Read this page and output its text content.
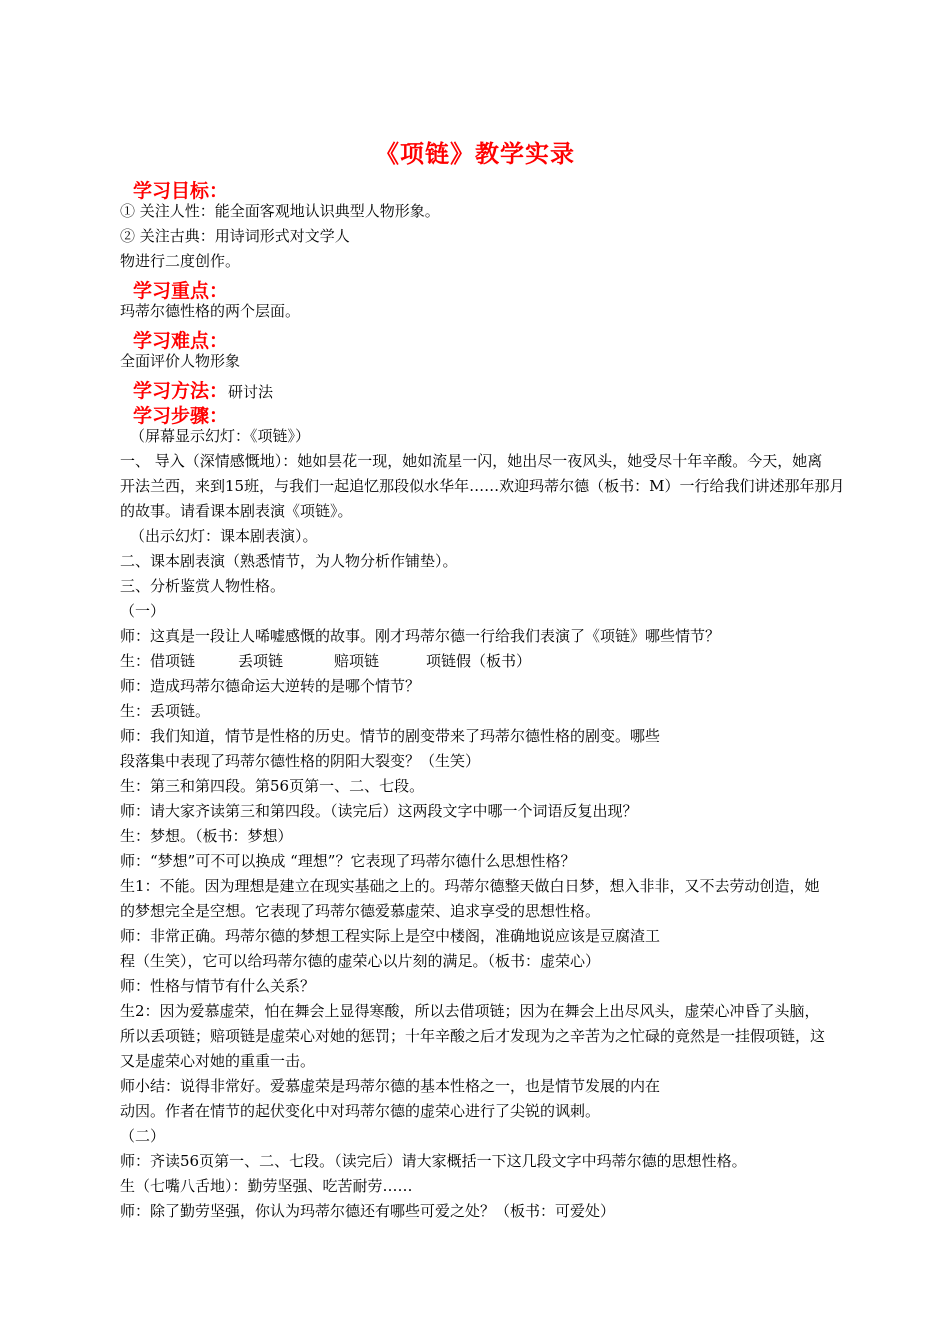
《项链》教学实录
学习目标：
① 关注人性：能全面客观地认识典型人物形象。
② 关注古典：用诗词形式对文学人
物进行二度创作。
学习重点：
玛蒂尔德性格的两个层面。
学习难点：
全面评价人物形象
学习方法：研讨法
学习步骤：
（屏幕显示幻灯：《项链》）
一、 导入（深情感慨地）：她如昙花一现，她如流星一闪，她出尽一夜风头，她受尽十年辛酸。今天，她离
开法兰西，来到15班，与我们一起追忆那段似水华年……欢迎玛蒂尔德（板书：M）一行给我们讲述那年那月
的故事。请看课本剧表演《项链》。
（出示幻灯：课本剧表演）。
二、课本剧表演（熟悉情节，为人物分析作铺垫）。
三、分析鉴赏人物性格。
（一）
师：这真是一段让人唏嘘感慨的故事。刚才玛蒂尔德一行给我们表演了《项链》哪些情节？
生：借项链	丢项链	赔项链	项链假（板书）
师：造成玛蒂尔德命运大逆转的是哪个情节？
生：丢项链。
师：我们知道，情节是性格的历史。情节的剧变带来了玛蒂尔德性格的剧变。哪些
段落集中表现了玛蒂尔德性格的阴阳大裂变？（生笑）
生：第三和第四段。第56页第一、二、七段。
师：请大家齐读第三和第四段。（读完后）这两段文字中哪一个词语反复出现？
生：梦想。（板书：梦想）
师：“梦想”可不可以换成 “理想”？它表现了玛蒂尔德什么思想性格？
生1：不能。因为理想是建立在现实基础之上的。玛蒂尔德整天做白日梦，想入非非，又不去劳动创造，她
的梦想完全是空想。它表现了玛蒂尔德爱慕虚荣、追求享受的思想性格。
师：非常正确。玛蒂尔德的梦想工程实际上是空中楼阁，准确地说应该是豆腐渣工
程（生笑），它可以给玛蒂尔德的虚荣心以片刻的满足。（板书：虚荣心）
师：性格与情节有什么关系？
生2：因为爱慕虚荣，怕在舞会上显得寒酸，所以去借项链；因为在舞会上出尽风头，虚荣心冲昏了头脑，
所以丢项链；赔项链是虚荣心对她的惩罚；十年辛酸之后才发现为之辛苦为之忙碌的竟然是一挂假项链，这
又是虚荣心对她的重重一击。
师小结：说得非常好。爱慕虚荣是玛蒂尔德的基本性格之一，也是情节发展的内在
动因。作者在情节的起伏变化中对玛蒂尔德的虚荣心进行了尖锐的讽刺。
（二）
师：齐读56页第一、二、七段。（读完后）请大家概括一下这几段文字中玛蒂尔德的思想性格。
生（七嘴八舌地）：勤劳坚强、吃苦耐劳……
师：除了勤劳坚强，你认为玛蒂尔德还有哪些可爱之处？（板书：可爱处）
